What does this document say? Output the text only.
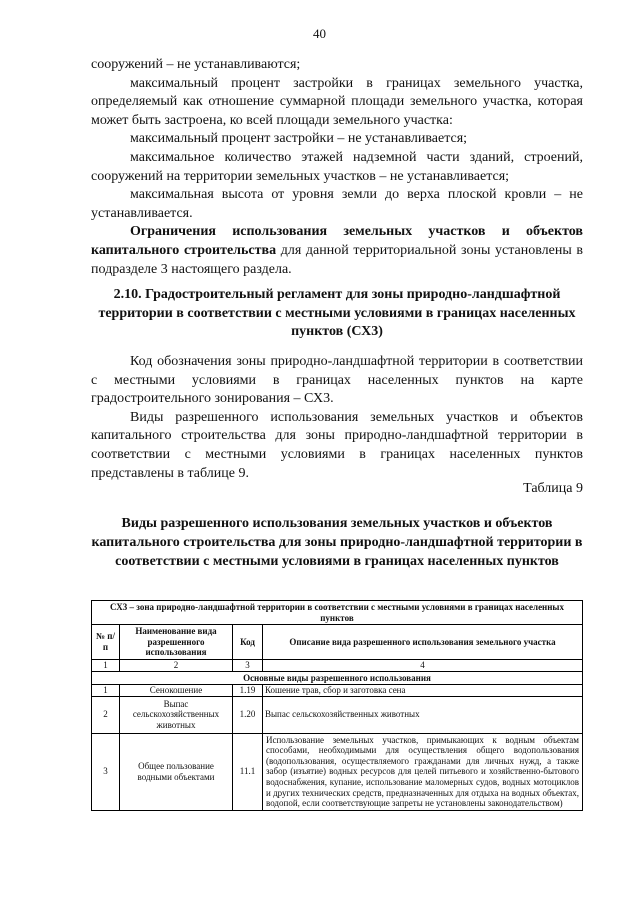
40

сооружений – не устанавливаются;

максимальный процент застройки в границах земельного участка, определяемый как отношение суммарной площади земельного участка, которая может быть застроена, ко всей площади земельного участка:

максимальный процент застройки – не устанавливается;

максимальное количество этажей надземной части зданий, строений, сооружений на территории земельных участков – не устанавливается;

максимальная высота от уровня земли до верха плоской кровли – не устанавливается.

Ограничения использования земельных участков и объектов капитального строительства для данной территориальной зоны установлены в подразделе 3 настоящего раздела.

2.10. Градостроительный регламент для зоны природно-ландшафтной территории в соответствии с местными условиями в границах населенных пунктов (СХ3)

Код обозначения зоны природно-ландшафтной территории в соответствии с местными условиями в границах населенных пунктов на карте градостроительного зонирования – СХ3.

Виды разрешенного использования земельных участков и объектов капитального строительства для зоны природно-ландшафтной территории в соответствии с местными условиями в границах населенных пунктов представлены в таблице 9.

Таблица 9
Виды разрешенного использования земельных участков и объектов капитального строительства для зоны природно-ландшафтной территории в соответствии с местными условиями в границах населенных пунктов
СХ3 – зона природно-ландшафтной территории в соответствии с местными условиями в границах населенных пунктов			
№ п/п	Наименование вида разрешенного использования	Код	Описание вида разрешенного использования земельного участка
1	2	3	4
Основные виды разрешенного использования			
1	Сенокошение	1.19	Кошение трав, сбор и заготовка сена
2	Выпас сельскохозяйственных животных	1.20	Выпас сельскохозяйственных животных
3	Общее пользование водными объектами	11.1	Использование земельных участков, примыкающих к водным объектам способами, необходимыми для осуществления общего водопользования (водопользования, осуществляемого гражданами для личных нужд, а также забор (изъятие) водных ресурсов для целей питьевого и хозяйственно-бытового водоснабжения, купание, использование маломерных судов, водных мотоциклов и других технических средств, предназначенных для отдыха на водных объектах, водопой, если соответствующие запреты не установлены законодательством)
